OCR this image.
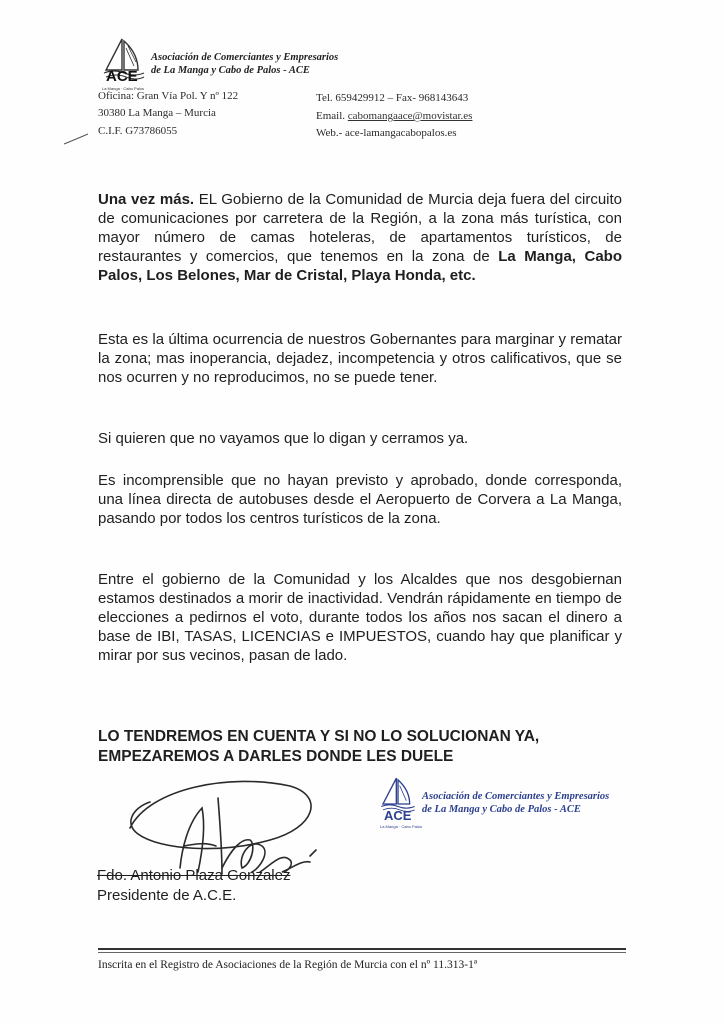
ACE
La Manga · Cabo Palos
Asociación de Comerciantes y Empresarios
de La Manga y Cabo de Palos - ACE
Oficina: Gran Vía Pol. Y nº 122
30380 La Manga – Murcia
C.I.F. G73786055
Tel. 659429912 – Fax- 968143643
Email. cabomangaace@movistar.es
Web.- ace-lamangacabopalos.es
Una vez más. EL Gobierno de la Comunidad de Murcia deja fuera del circuito de comunicaciones por carretera de la Región, a la zona más turística, con mayor número de camas hoteleras, de apartamentos turísticos, de restaurantes y comercios, que tenemos en la zona de La Manga, Cabo Palos, Los Belones, Mar de Cristal, Playa Honda, etc.
Esta es la última ocurrencia de nuestros Gobernantes para marginar y rematar la zona; mas inoperancia, dejadez, incompetencia y otros calificativos, que se nos ocurren y no reproducimos, no se puede tener.
Si quieren que no vayamos que lo digan y cerramos ya.
Es incomprensible que no hayan previsto y aprobado, donde corresponda, una línea directa de autobuses desde el Aeropuerto de Corvera a La Manga, pasando por todos los centros turísticos de la zona.
Entre el gobierno de la Comunidad y los Alcaldes que nos desgobiernan estamos destinados a morir de inactividad. Vendrán rápidamente en tiempo de elecciones a pedirnos el voto, durante todos los años nos sacan el dinero a base de IBI, TASAS, LICENCIAS e IMPUESTOS, cuando hay que planificar y mirar por sus vecinos, pasan de lado.
LO TENDREMOS EN CUENTA Y SI NO LO SOLUCIONAN YA,
EMPEZAREMOS A DARLES DONDE LES DUELE
Fdo. Antonio Plaza Gonzalez
Presidente de A.C.E.
ACE
La Manga · Cabo Palos
Asociación de Comerciantes y Empresarios
de La Manga y Cabo de Palos - ACE
Inscrita en el Registro de Asociaciones de la Región de Murcia con el nº 11.313-1ª
